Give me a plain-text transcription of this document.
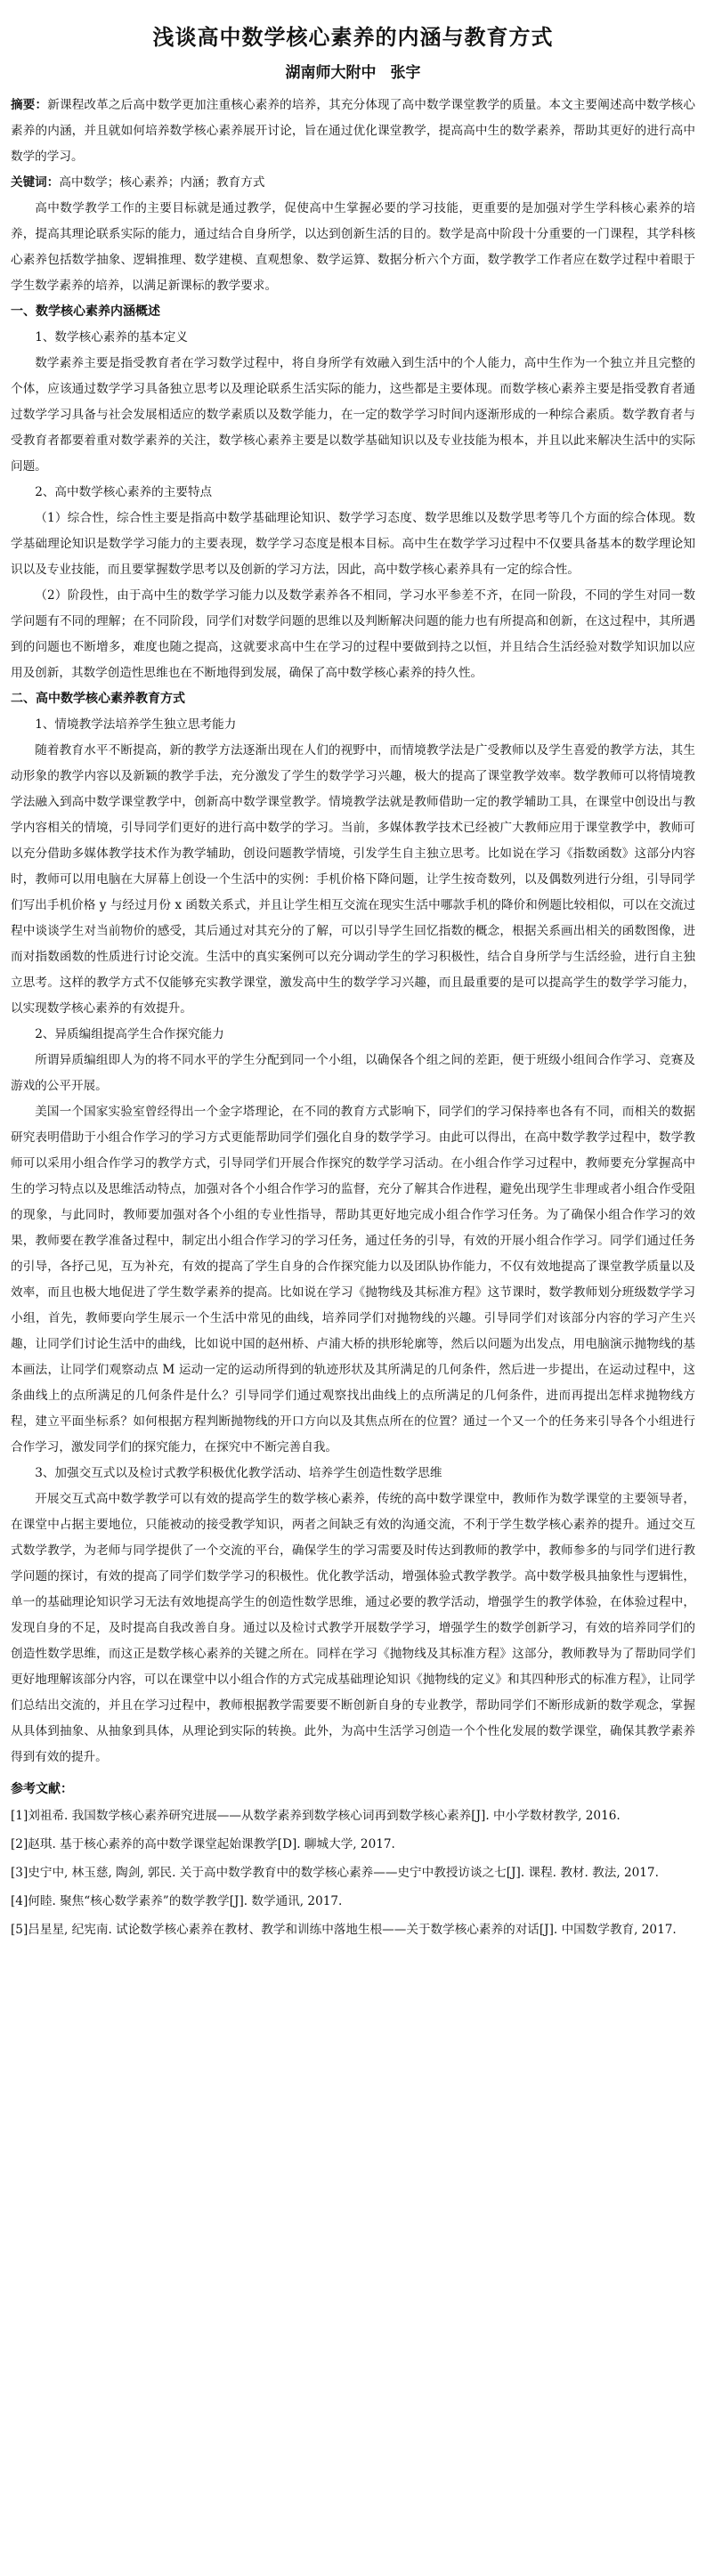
浅谈高中数学核心素养的内涵与教育方式
湖南师大附中 张宇

摘要：新课程改革之后高中数学更加注重核心素养的培养，其充分体现了高中数学课堂教学的质量。本文主要阐述高中数学核心素养的内涵，并且就如何培养数学核心素养展开讨论，旨在通过优化课堂教学，提高高中生的数学素养，帮助其更好的进行高中数学的学习。

关键词：高中数学；核心素养；内涵；教育方式

高中数学教学工作的主要目标就是通过教学，促使高中生掌握必要的学习技能，更重要的是加强对学生学科核心素养的培养，提高其理论联系实际的能力，通过结合自身所学，以达到创新生活的目的。数学是高中阶段十分重要的一门课程，其学科核心素养包括数学抽象、逻辑推理、数学建模、直观想象、数学运算、数据分析六个方面，数学教学工作者应在数学过程中着眼于学生数学素养的培养，以满足新课标的教学要求。

一、数学核心素养内涵概述

1、数学核心素养的基本定义

数学素养主要是指受教育者在学习数学过程中，将自身所学有效融入到生活中的个人能力，高中生作为一个独立并且完整的个体，应该通过数学学习具备独立思考以及理论联系生活实际的能力，这些都是主要体现。而数学核心素养主要是指受教育者通过数学学习具备与社会发展相适应的数学素质以及数学能力，在一定的数学学习时间内逐渐形成的一种综合素质。数学教育者与受教育者都要着重对数学素养的关注，数学核心素养主要是以数学基础知识以及专业技能为根本，并且以此来解决生活中的实际问题。

2、高中数学核心素养的主要特点

（1）综合性，综合性主要是指高中数学基础理论知识、数学学习态度、数学思维以及数学思考等几个方面的综合体现。数学基础理论知识是数学学习能力的主要表现，数学学习态度是根本目标。高中生在数学学习过程中不仅要具备基本的数学理论知识以及专业技能，而且要掌握数学思考以及创新的学习方法，因此，高中数学核心素养具有一定的综合性。

（2）阶段性，由于高中生的数学学习能力以及数学素养各不相同，学习水平参差不齐，在同一阶段，不同的学生对同一数学问题有不同的理解；在不同阶段，同学们对数学问题的思维以及判断解决问题的能力也有所提高和创新，在这过程中，其所遇到的问题也不断增多，难度也随之提高，这就要求高中生在学习的过程中要做到持之以恒，并且结合生活经验对数学知识加以应用及创新，其数学创造性思维也在不断地得到发展，确保了高中数学核心素养的持久性。

二、高中数学核心素养教育方式

1、情境教学法培养学生独立思考能力

随着教育水平不断提高，新的教学方法逐渐出现在人们的视野中，而情境教学法是广受教师以及学生喜爱的教学方法，其生动形象的教学内容以及新颖的教学手法，充分激发了学生的数学学习兴趣，极大的提高了课堂教学效率。数学教师可以将情境教学法融入到高中数学课堂教学中，创新高中数学课堂教学。情境教学法就是教师借助一定的教学辅助工具，在课堂中创设出与教学内容相关的情境，引导同学们更好的进行高中数学的学习。当前，多媒体教学技术已经被广大教师应用于课堂教学中，教师可以充分借助多媒体教学技术作为教学辅助，创设问题教学情境，引发学生自主独立思考。比如说在学习《指数函数》这部分内容时，教师可以用电脑在大屏幕上创设一个生活中的实例：手机价格下降问题，让学生按奇数列，以及偶数列进行分组，引导同学们写出手机价格 y 与经过月份 x 函数关系式，并且让学生相互交流在现实生活中哪款手机的降价和例题比较相似，可以在交流过程中谈谈学生对当前物价的感受，其后通过对其充分的了解，可以引导学生回忆指数的概念，根据关系画出相关的函数图像，进而对指数函数的性质进行讨论交流。生活中的真实案例可以充分调动学生的学习积极性，结合自身所学与生活经验，进行自主独立思考。这样的教学方式不仅能够充实教学课堂，激发高中生的数学学习兴趣，而且最重要的是可以提高学生的数学学习能力，以实现数学核心素养的有效提升。

2、异质编组提高学生合作探究能力

所谓异质编组即人为的将不同水平的学生分配到同一个小组，以确保各个组之间的差距，便于班级小组间合作学习、竞赛及游戏的公平开展。

美国一个国家实验室曾经得出一个金字塔理论，在不同的教育方式影响下，同学们的学习保持率也各有不同，而相关的数据研究表明借助于小组合作学习的学习方式更能帮助同学们强化自身的数学学习。由此可以得出，在高中数学教学过程中，数学教师可以采用小组合作学习的教学方式，引导同学们开展合作探究的数学学习活动。在小组合作学习过程中，教师要充分掌握高中生的学习特点以及思维活动特点，加强对各个小组合作学习的监督，充分了解其合作进程，避免出现学生非理或者小组合作受阻的现象，与此同时，教师要加强对各个小组的专业性指导，帮助其更好地完成小组合作学习任务。为了确保小组合作学习的效果，教师要在教学准备过程中，制定出小组合作学习的学习任务，通过任务的引导，有效的开展小组合作学习。同学们通过任务的引导，各抒己见，互为补充，有效的提高了学生自身的合作探究能力以及团队协作能力，不仅有效地提高了课堂教学质量以及效率，而且也极大地促进了学生数学素养的提高。比如说在学习《抛物线及其标准方程》这节课时，数学教师划分班级数学学习小组，首先，教师要向学生展示一个生活中常见的曲线，培养同学们对抛物线的兴趣。引导同学们对该部分内容的学习产生兴趣，让同学们讨论生活中的曲线，比如说中国的赵州桥、卢浦大桥的拱形轮廓等，然后以问题为出发点，用电脑演示抛物线的基本画法，让同学们观察动点 M 运动一定的运动所得到的轨迹形状及其所满足的几何条件，然后进一步提出，在运动过程中，这条曲线上的点所满足的几何条件是什么？引导同学们通过观察找出曲线上的点所满足的几何条件，进而再提出怎样求抛物线方程，建立平面坐标系？如何根据方程判断抛物线的开口方向以及其焦点所在的位置？通过一个又一个的任务来引导各个小组进行合作学习，激发同学们的探究能力，在探究中不断完善自我。

3、加强交互式以及检讨式教学积极优化教学活动、培养学生创造性数学思维

开展交互式高中数学教学可以有效的提高学生的数学核心素养，传统的高中数学课堂中，教师作为数学课堂的主要领导者，在课堂中占据主要地位，只能被动的接受教学知识，两者之间缺乏有效的沟通交流，不利于学生数学核心素养的提升。通过交互式数学教学，为老师与同学提供了一个交流的平台，确保学生的学习需要及时传达到教师的教学中，教师参多的与同学们进行教学问题的探讨，有效的提高了同学们数学学习的积极性。优化教学活动，增强体验式教学教学。高中数学极具抽象性与逻辑性，单一的基础理论知识学习无法有效地提高学生的创造性数学思维，通过必要的教学活动，增强学生的教学体验，在体验过程中，发现自身的不足，及时提高自我改善自身。通过以及检讨式教学开展数学学习，增强学生的数学创新学习，有效的培养同学们的创造性数学思维，而这正是数学核心素养的关键之所在。同样在学习《抛物线及其标准方程》这部分，教师教导为了帮助同学们更好地理解该部分内容，可以在课堂中以小组合作的方式完成基础理论知识《抛物线的定义》和其四种形式的标准方程》，让同学们总结出交流的，并且在学习过程中，教师根据教学需要要不断创新自身的专业教学，帮助同学们不断形成新的数学观念，掌握从具体到抽象、从抽象到具体，从理论到实际的转换。此外，为高中生活学习创造一个个性化发展的数学课堂，确保其教学素养得到有效的提升。

参考文献：

[1]刘祖希. 我国数学核心素养研究进展——从数学素养到数学核心词再到数学核心素养[J]. 中小学数材教学, 2016.

[2]赵琪. 基于核心素养的高中数学课堂起始课教学[D]. 聊城大学, 2017.

[3]史宁中, 林玉慈, 陶剑, 郭民. 关于高中数学教育中的数学核心素养——史宁中教授访谈之七[J]. 课程. 教材. 教法, 2017.

[4]何睦. 聚焦“核心数学素养”的数学教学[J]. 数学通讯, 2017.

[5]吕星星, 纪宪南. 试论数学核心素养在教材、教学和训练中落地生根——关于数学核心素养的对话[J]. 中国数学教育, 2017.
